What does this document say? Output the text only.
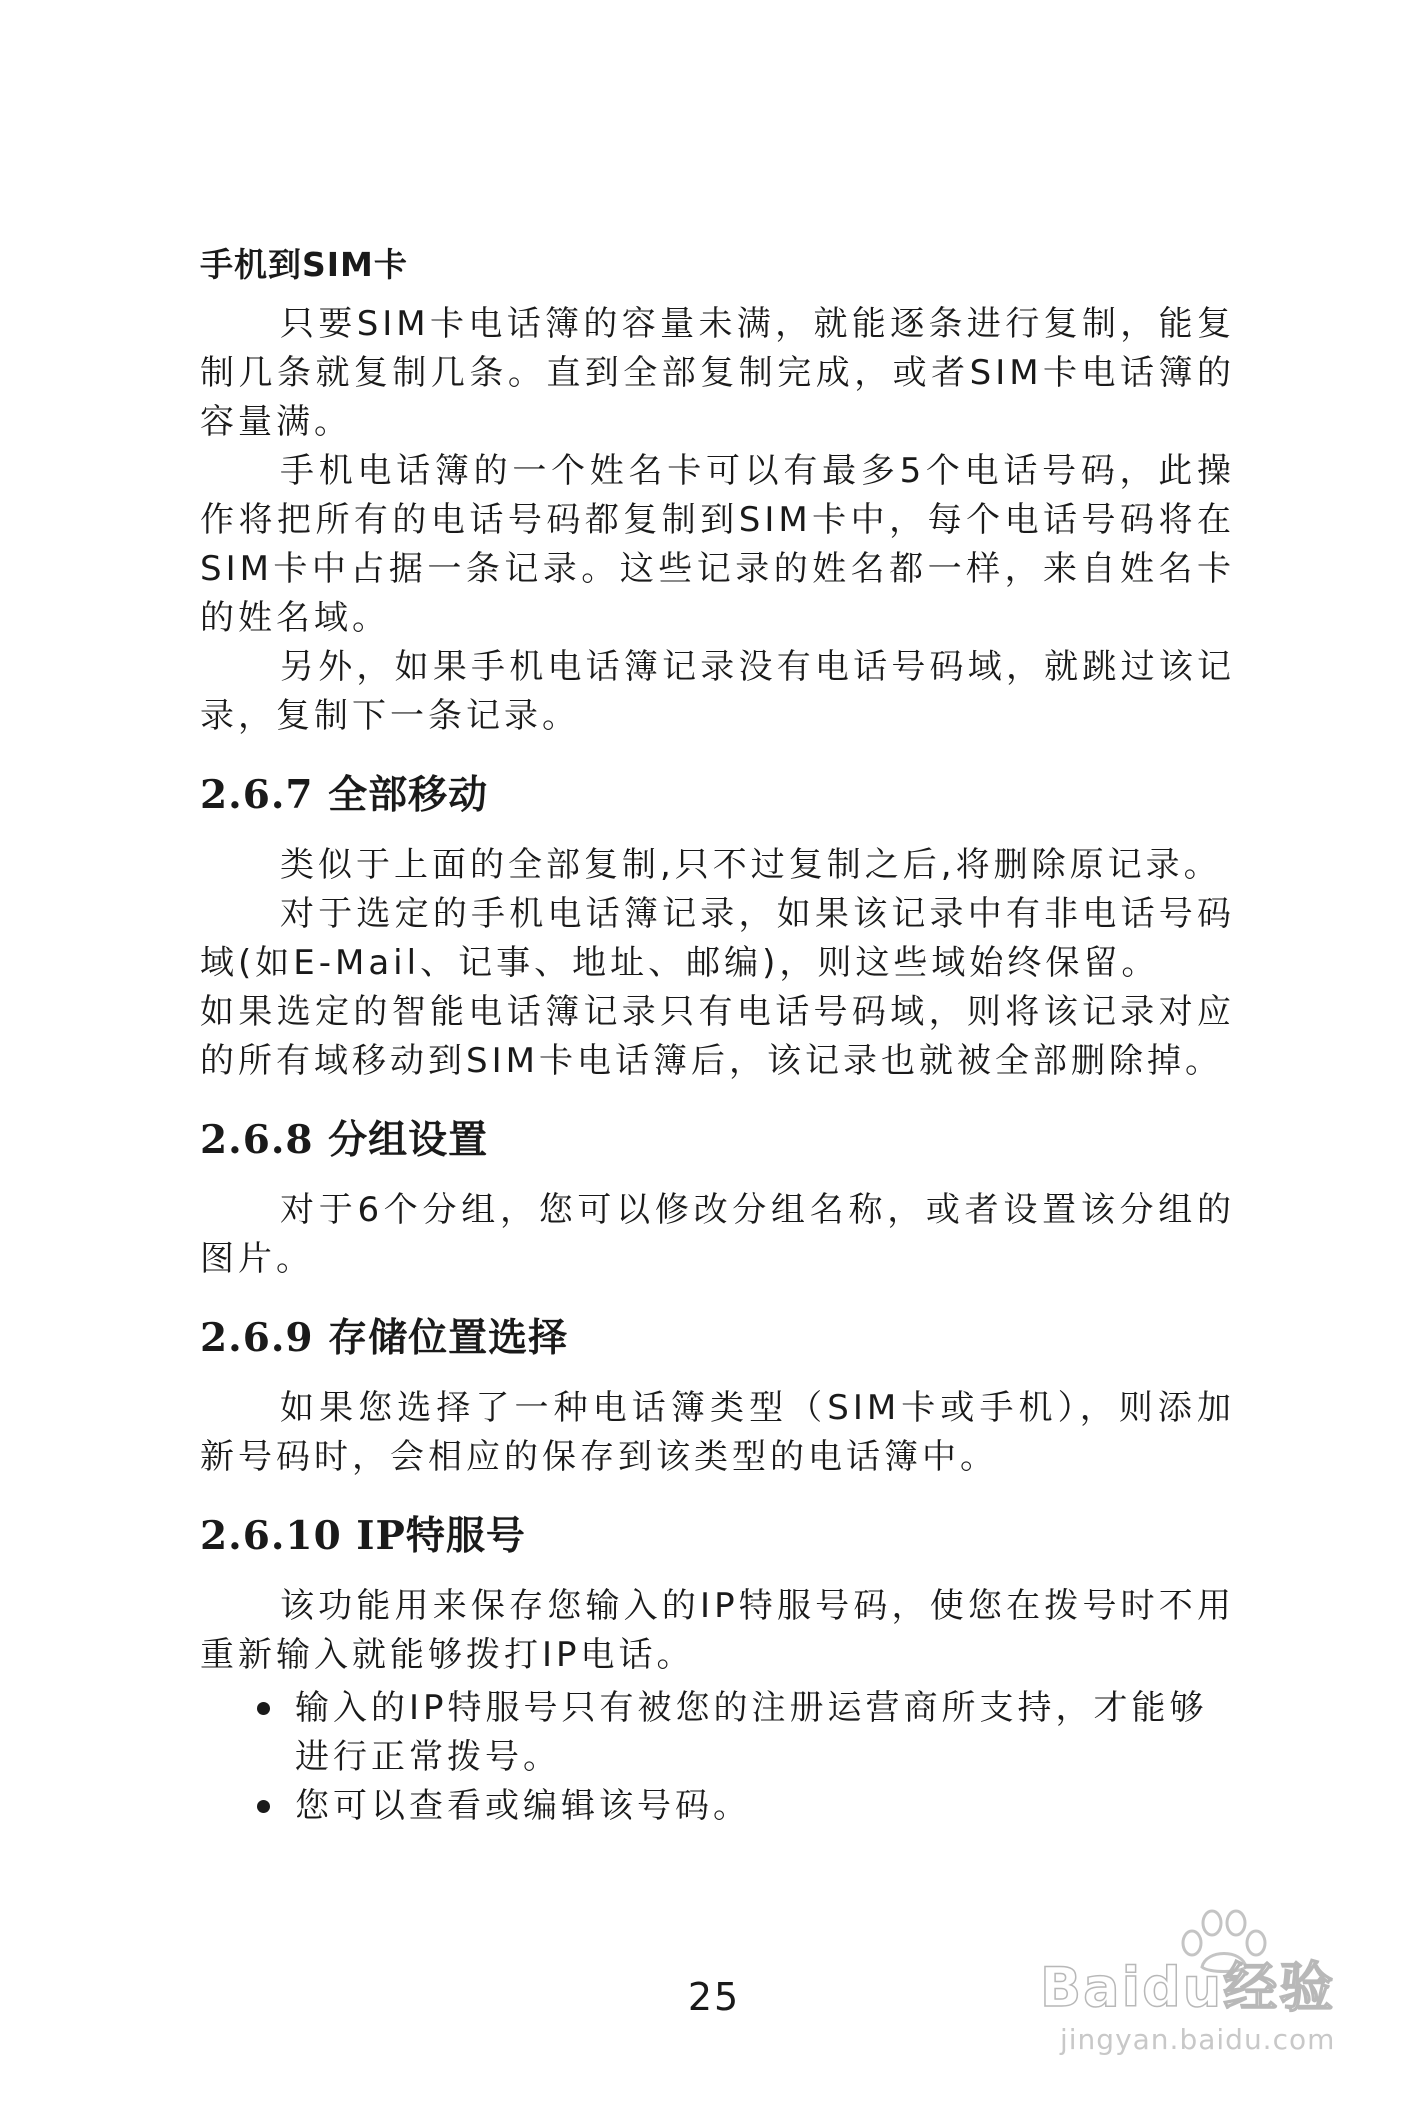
手机到SIM卡

只要SIM卡电话簿的容量未满，就能逐条进行复制，能复制几条就复制几条。直到全部复制完成，或者SIM卡电话簿的容量满。

手机电话簿的一个姓名卡可以有最多5个电话号码，此操作将把所有的电话号码都复制到SIM卡中，每个电话号码将在SIM卡中占据一条记录。这些记录的姓名都一样，来自姓名卡的姓名域。

另外，如果手机电话簿记录没有电话号码域，就跳过该记录，复制下一条记录。

2.6.7 全部移动

类似于上面的全部复制,只不过复制之后,将删除原记录。

对于选定的手机电话簿记录，如果该记录中有非电话号码域(如E-Mail、记事、地址、邮编)，则这些域始终保留。

如果选定的智能电话簿记录只有电话号码域，则将该记录对应的所有域移动到SIM卡电话簿后，该记录也就被全部删除掉。

2.6.8 分组设置

对于6个分组，您可以修改分组名称，或者设置该分组的图片。

2.6.9 存储位置选择

如果您选择了一种电话簿类型（SIM卡或手机），则添加新号码时，会相应的保存到该类型的电话簿中。

2.6.10 IP特服号

该功能用来保存您输入的IP特服号码，使您在拨号时不用重新输入就能够拨打IP电话。

输入的IP特服号只有被您的注册运营商所支持，才能够进行正常拨号。
您可以查看或编辑该号码。
25	Baidu经验
jingyan.baidu.com
